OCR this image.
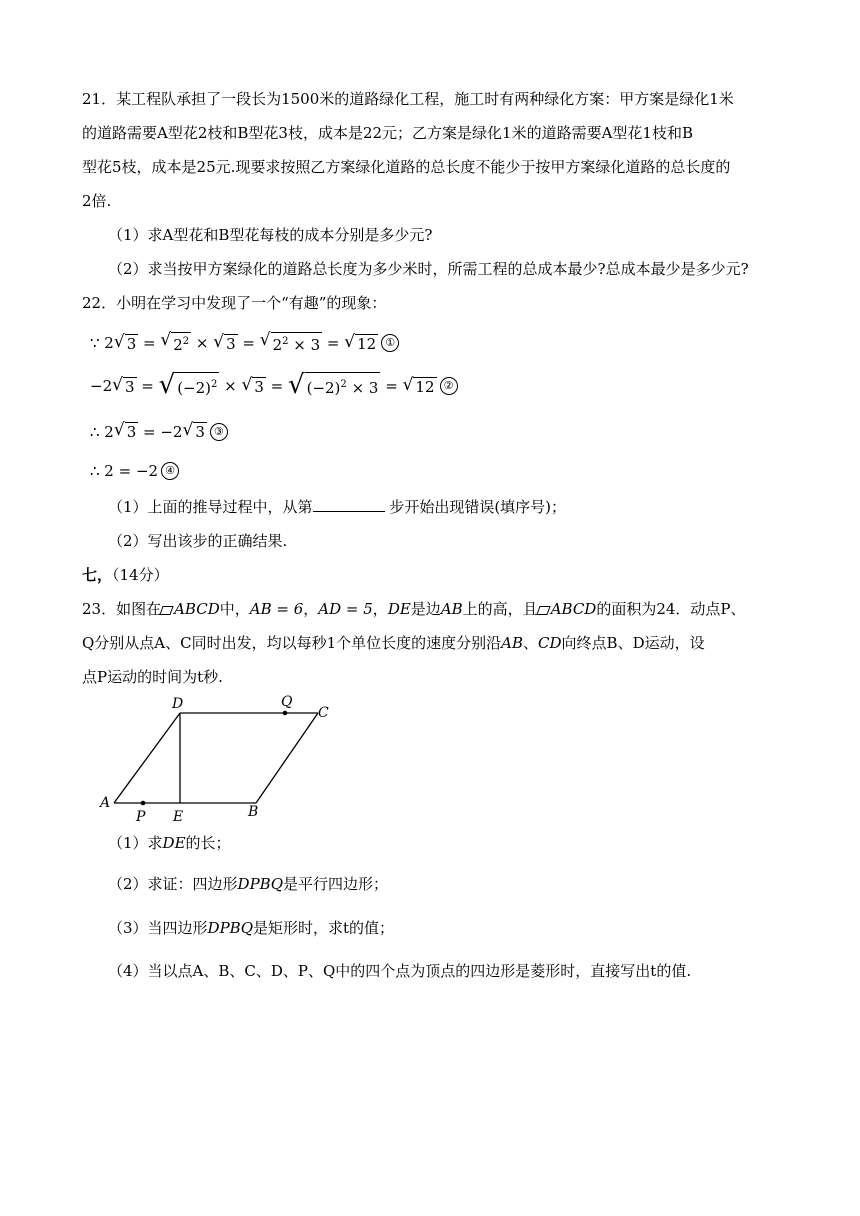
21．某工程队承担了一段长为1500米的道路绿化工程，施工时有两种绿化方案：甲方案是绿化1米

的道路需要A型花2枝和B型花3枝，成本是22元；乙方案是绿化1米的道路需要A型花1枝和B

型花5枝，成本是25元.现要求按照乙方案绿化道路的总长度不能少于按甲方案绿化道路的总长度的

2倍.

（1）求A型花和B型花每枝的成本分别是多少元?

（2）求当按甲方案绿化的道路总长度为多少米时，所需工程的总成本最少?总成本最少是多少元?

22．小明在学习中发现了一个“有趣”的现象：

∵ 2 √ 3 = √ $2^2$ × √ 3 = √ $2^2 \times 3$ = √ 12 ①
−2 √ 3 = √ $(-2)^2$ × √ 3 = √ $(-2)^2 \times 3$ = √ 12 ②
∴ 2 √ 3 = −2 √ 3 ③
∴ 2 = −2 ④

（1）上面的推导过程中，从第	步开始出现错误(填序号)；

（2）写出该步的正确结果.

七，（14分）

23．如图在 ABCD中，AB = 6，AD = 5，DE是边AB上的高，且 ABCD的面积为24．动点P、

Q分别从点A、C同时出发，均以每秒1个单位长度的速度分别沿AB、CD向终点B、D运动，设

点P运动的时间为t秒.

A
B
C
D
E
P
Q

（1）求DE的长；

（2）求证：四边形DPBQ是平行四边形；

（3）当四边形DPBQ是矩形时，求t的值；

（4）当以点A、B、C、D、P、Q中的四个点为顶点的四边形是菱形时，直接写出t的值.
